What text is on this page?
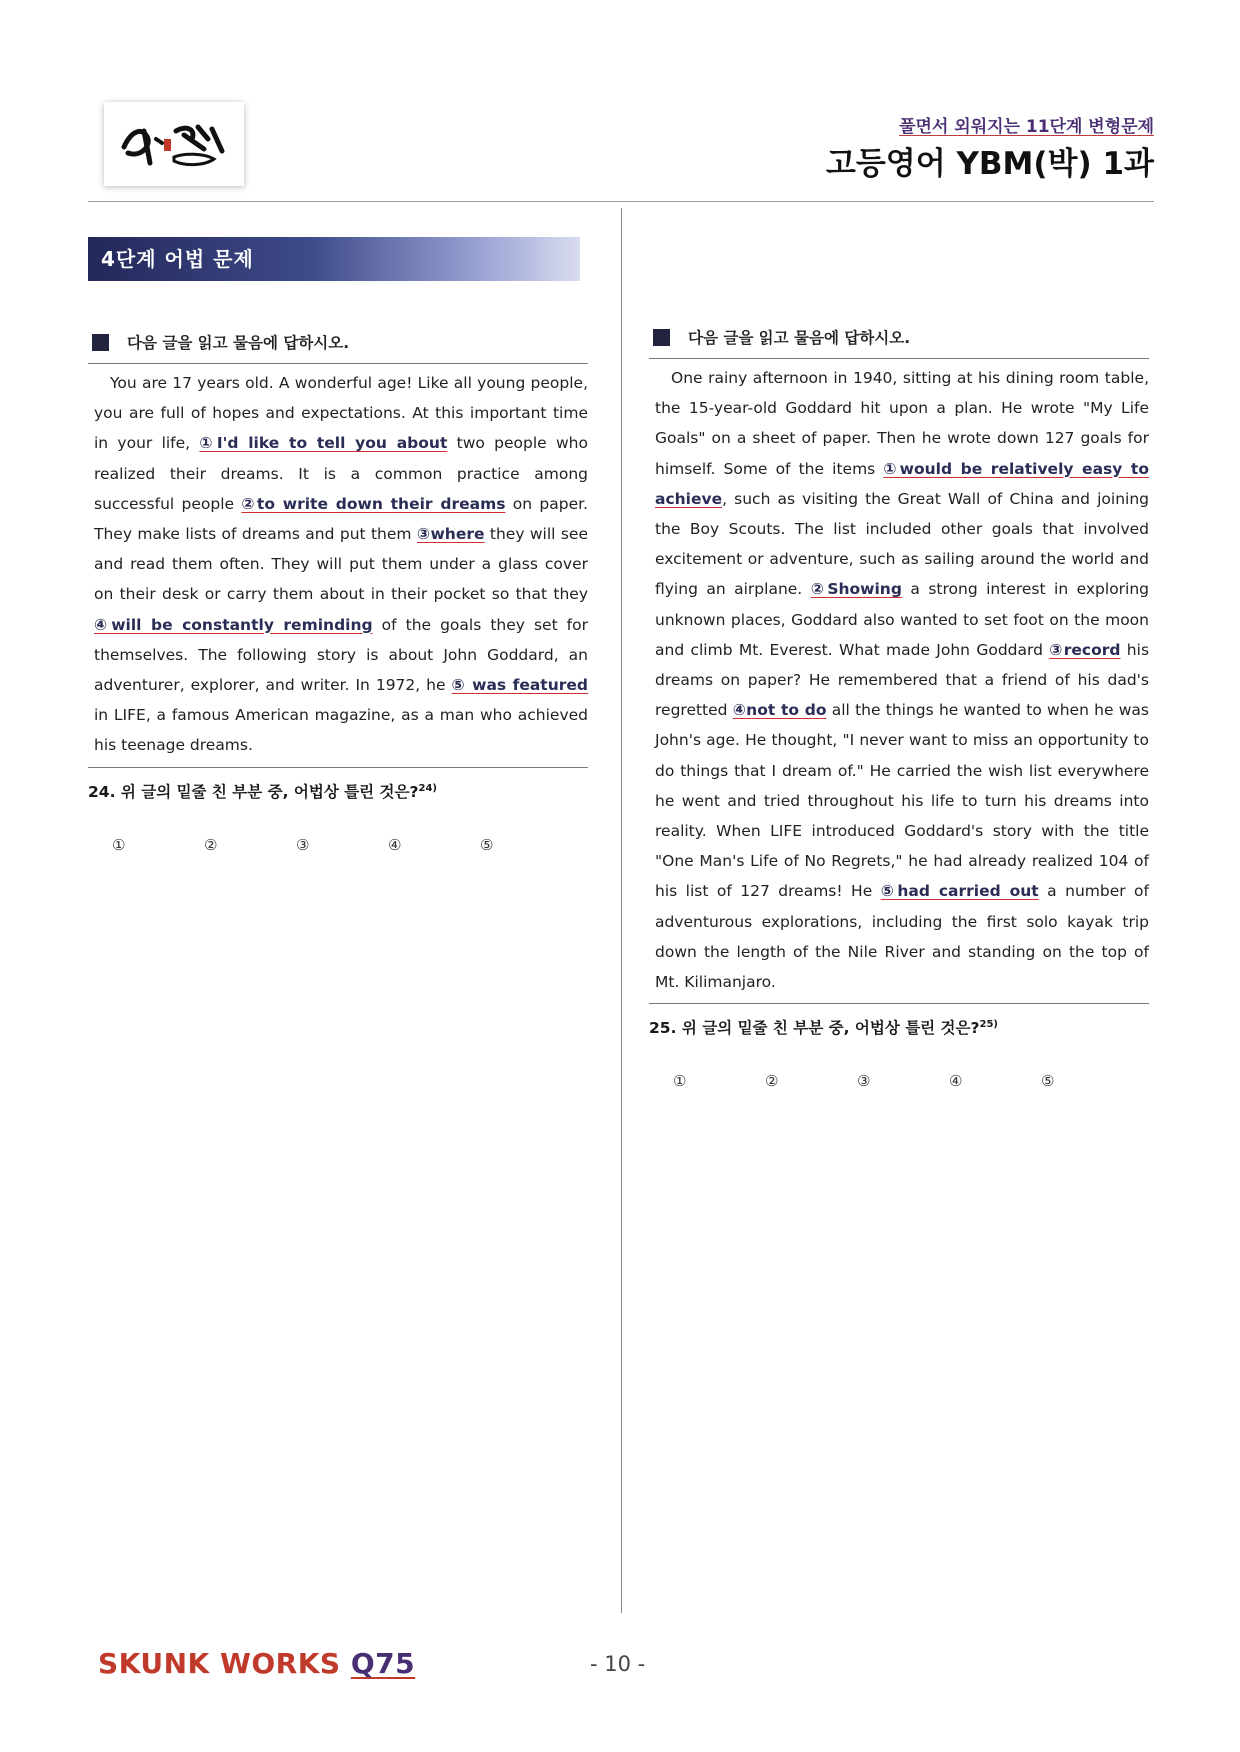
풀면서 외워지는 11단계 변형문제
고등영어 YBM(박) 1과
4단계 어법 문제
다음 글을 읽고 물음에 답하시오.

You are 17 years old. A wonderful age! Like all young people, you are full of hopes and expectations. At this important time in your life, ①I'd like to tell you about two people who realized their dreams. It is a common practice among successful people ②to write down their dreams on paper. They make lists of dreams and put them ③where they will see and read them often. They will put them under a glass cover on their desk or carry them about in their pocket so that they ④will be constantly reminding of the goals they set for themselves. The following story is about John Goddard, an adventurer, explorer, and writer. In 1972, he ⑤ was featured in LIFE, a famous American magazine, as a man who achieved his teenage dreams.

24. 위 글의 밑줄 친 부분 중, 어법상 틀린 것은?$^{24)}$
①	②	③	④	⑤
다음 글을 읽고 물음에 답하시오.

One rainy afternoon in 1940, sitting at his dining room table, the 15-year-old Goddard hit upon a plan. He wrote "My Life Goals" on a sheet of paper. Then he wrote down 127 goals for himself. Some of the items ①would be relatively easy to achieve, such as visiting the Great Wall of China and joining the Boy Scouts. The list included other goals that involved excitement or adventure, such as sailing around the world and flying an airplane. ②Showing a strong interest in exploring unknown places, Goddard also wanted to set foot on the moon and climb Mt. Everest. What made John Goddard ③record his dreams on paper? He remembered that a friend of his dad's regretted ④not to do all the things he wanted to when he was John's age. He thought, "I never want to miss an opportunity to do things that I dream of." He carried the wish list everywhere he went and tried throughout his life to turn his dreams into reality. When LIFE introduced Goddard's story with the title "One Man's Life of No Regrets," he had already realized 104 of his list of 127 dreams! He ⑤had carried out a number of adventurous explorations, including the first solo kayak trip down the length of the Nile River and standing on the top of Mt. Kilimanjaro.

25. 위 글의 밑줄 친 부분 중, 어법상 틀린 것은?$^{25)}$
①	②	③	④	⑤
SKUNK WORKS Q75	- 10 -
